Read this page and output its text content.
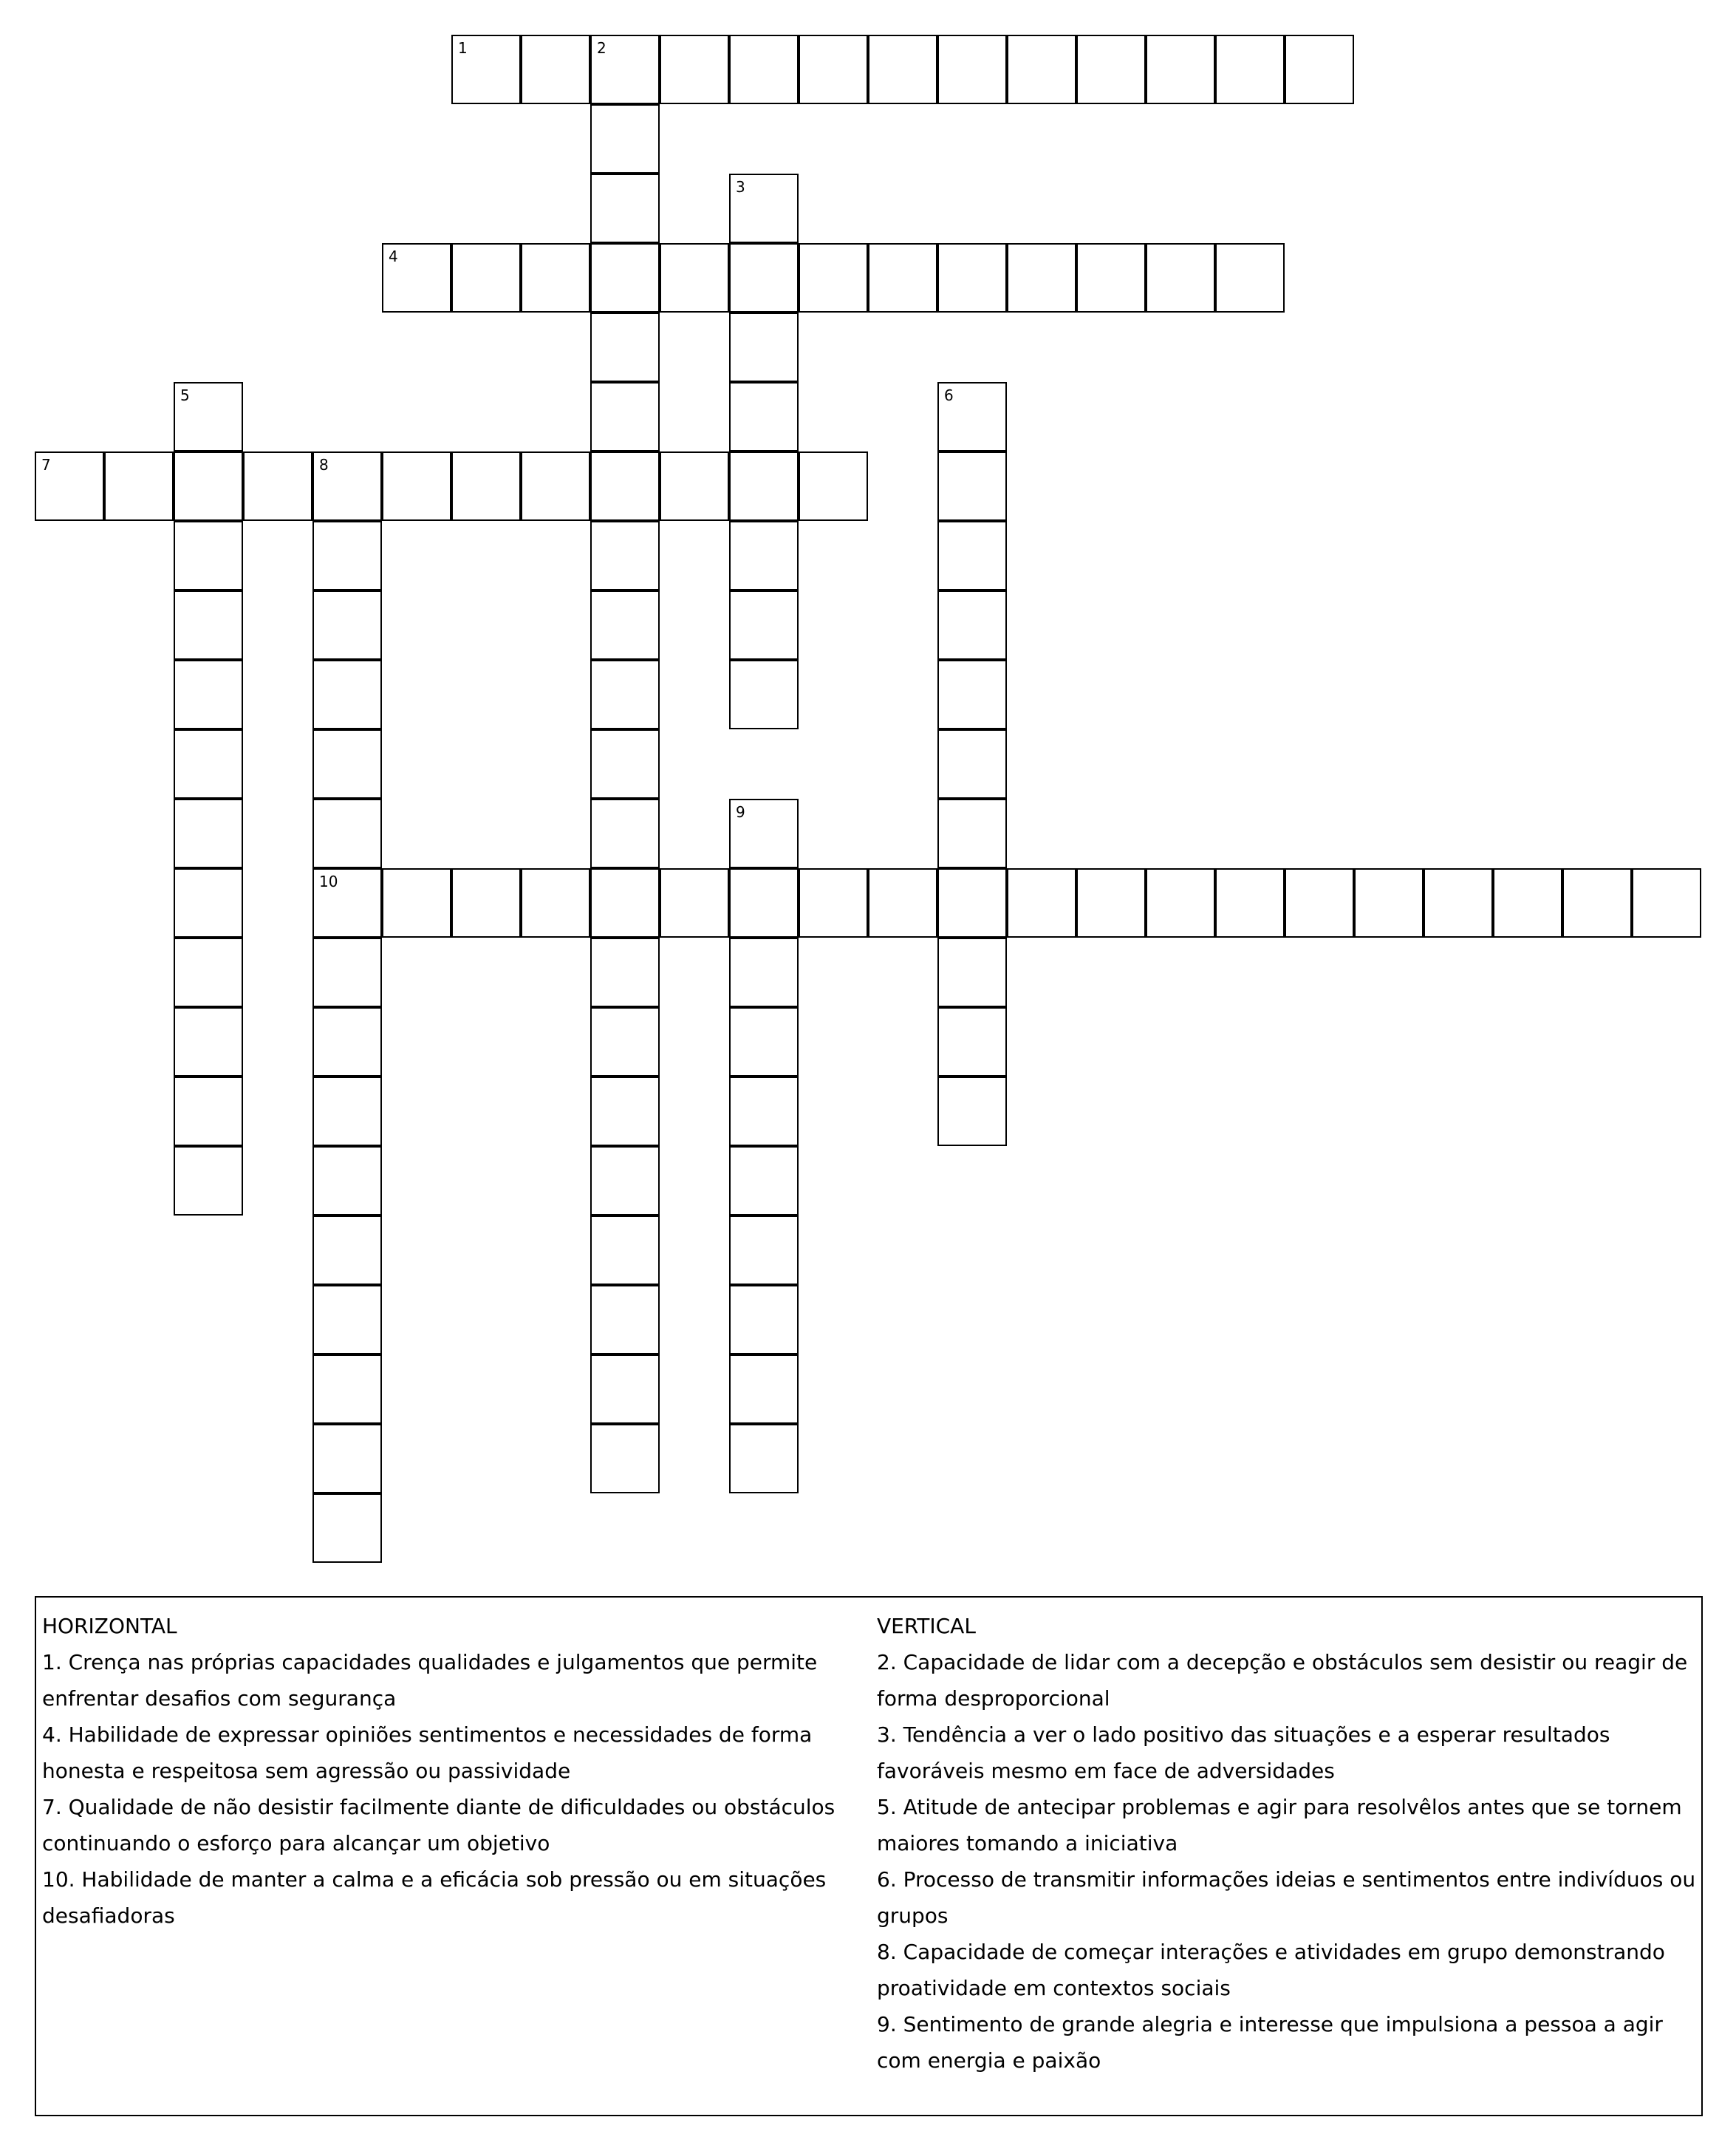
1	2
3
4
5	6
7	8
10
9

HORIZONTAL

1. Crença nas próprias capacidades qualidades e julgamentos que permite enfrentar desafios com segurança

4. Habilidade de expressar opiniões sentimentos e necessidades de forma honesta e respeitosa sem agressão ou passividade

7. Qualidade de não desistir facilmente diante de dificuldades ou obstáculos continuando o esforço para alcançar um objetivo

10. Habilidade de manter a calma e a eficácia sob pressão ou em situações desafiadoras

VERTICAL

2. Capacidade de lidar com a decepção e obstáculos sem desistir ou reagir de forma desproporcional

3. Tendência a ver o lado positivo das situações e a esperar resultados favoráveis mesmo em face de adversidades

5. Atitude de antecipar problemas e agir para resolvêlos antes que se tornem maiores tomando a iniciativa

6. Processo de transmitir informações ideias e sentimentos entre indivíduos ou grupos

8. Capacidade de começar interações e atividades em grupo demonstrando proatividade em contextos sociais

9. Sentimento de grande alegria e interesse que impulsiona a pessoa a agir com energia e paixão
